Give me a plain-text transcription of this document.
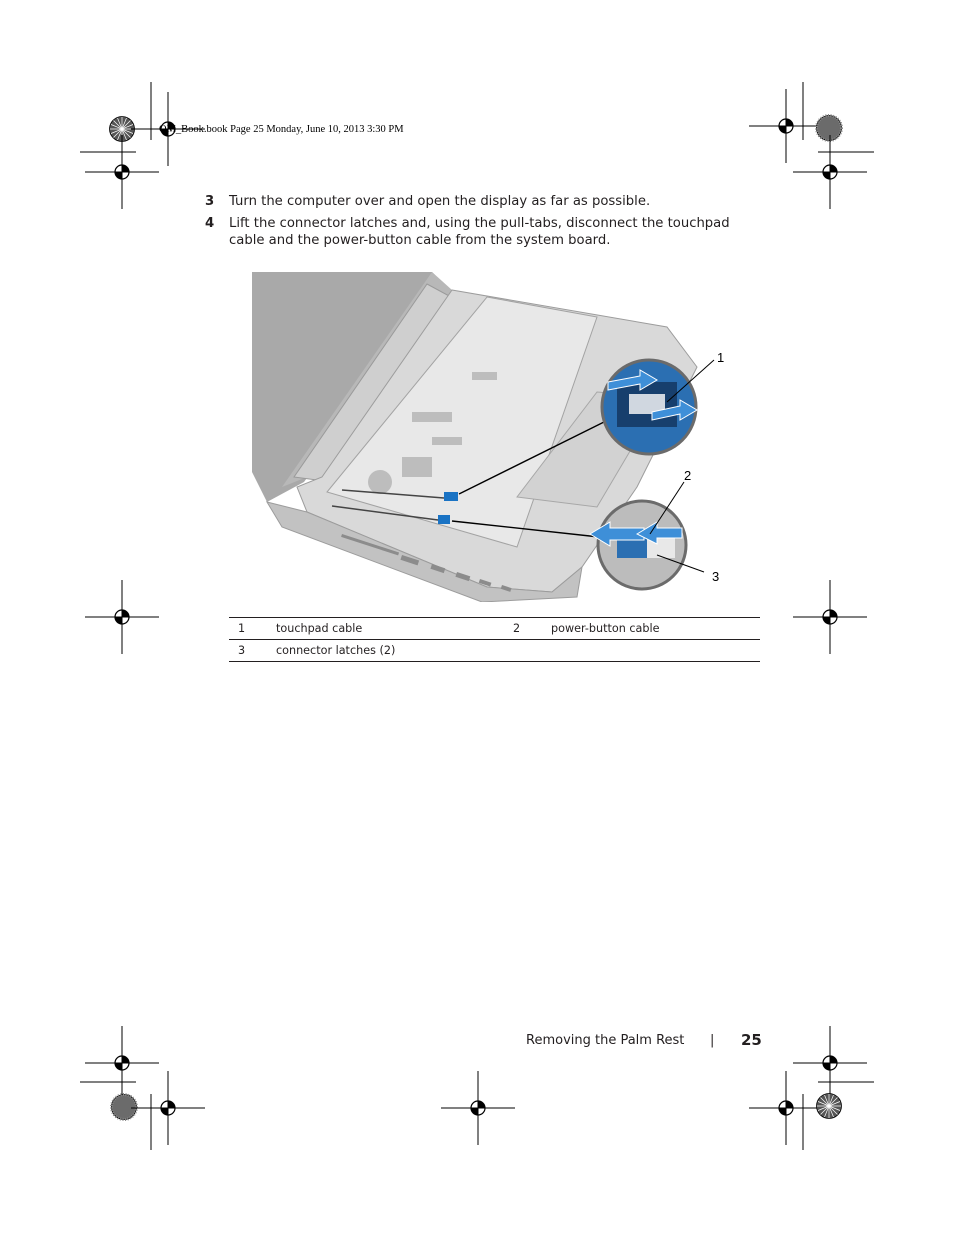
OM_Book.book Page 25 Monday, June 10, 2013 3:30 PM
3 Turn the computer over and open the display as far as possible.
4 Lift the connector latches and, using the pull-tabs, disconnect the touchpad cable and the power-button cable from the system board.
1
2
3
1	touchpad cable	2	power-button cable
3	connector latches (2)		
Removing the Palm Rest | 25
